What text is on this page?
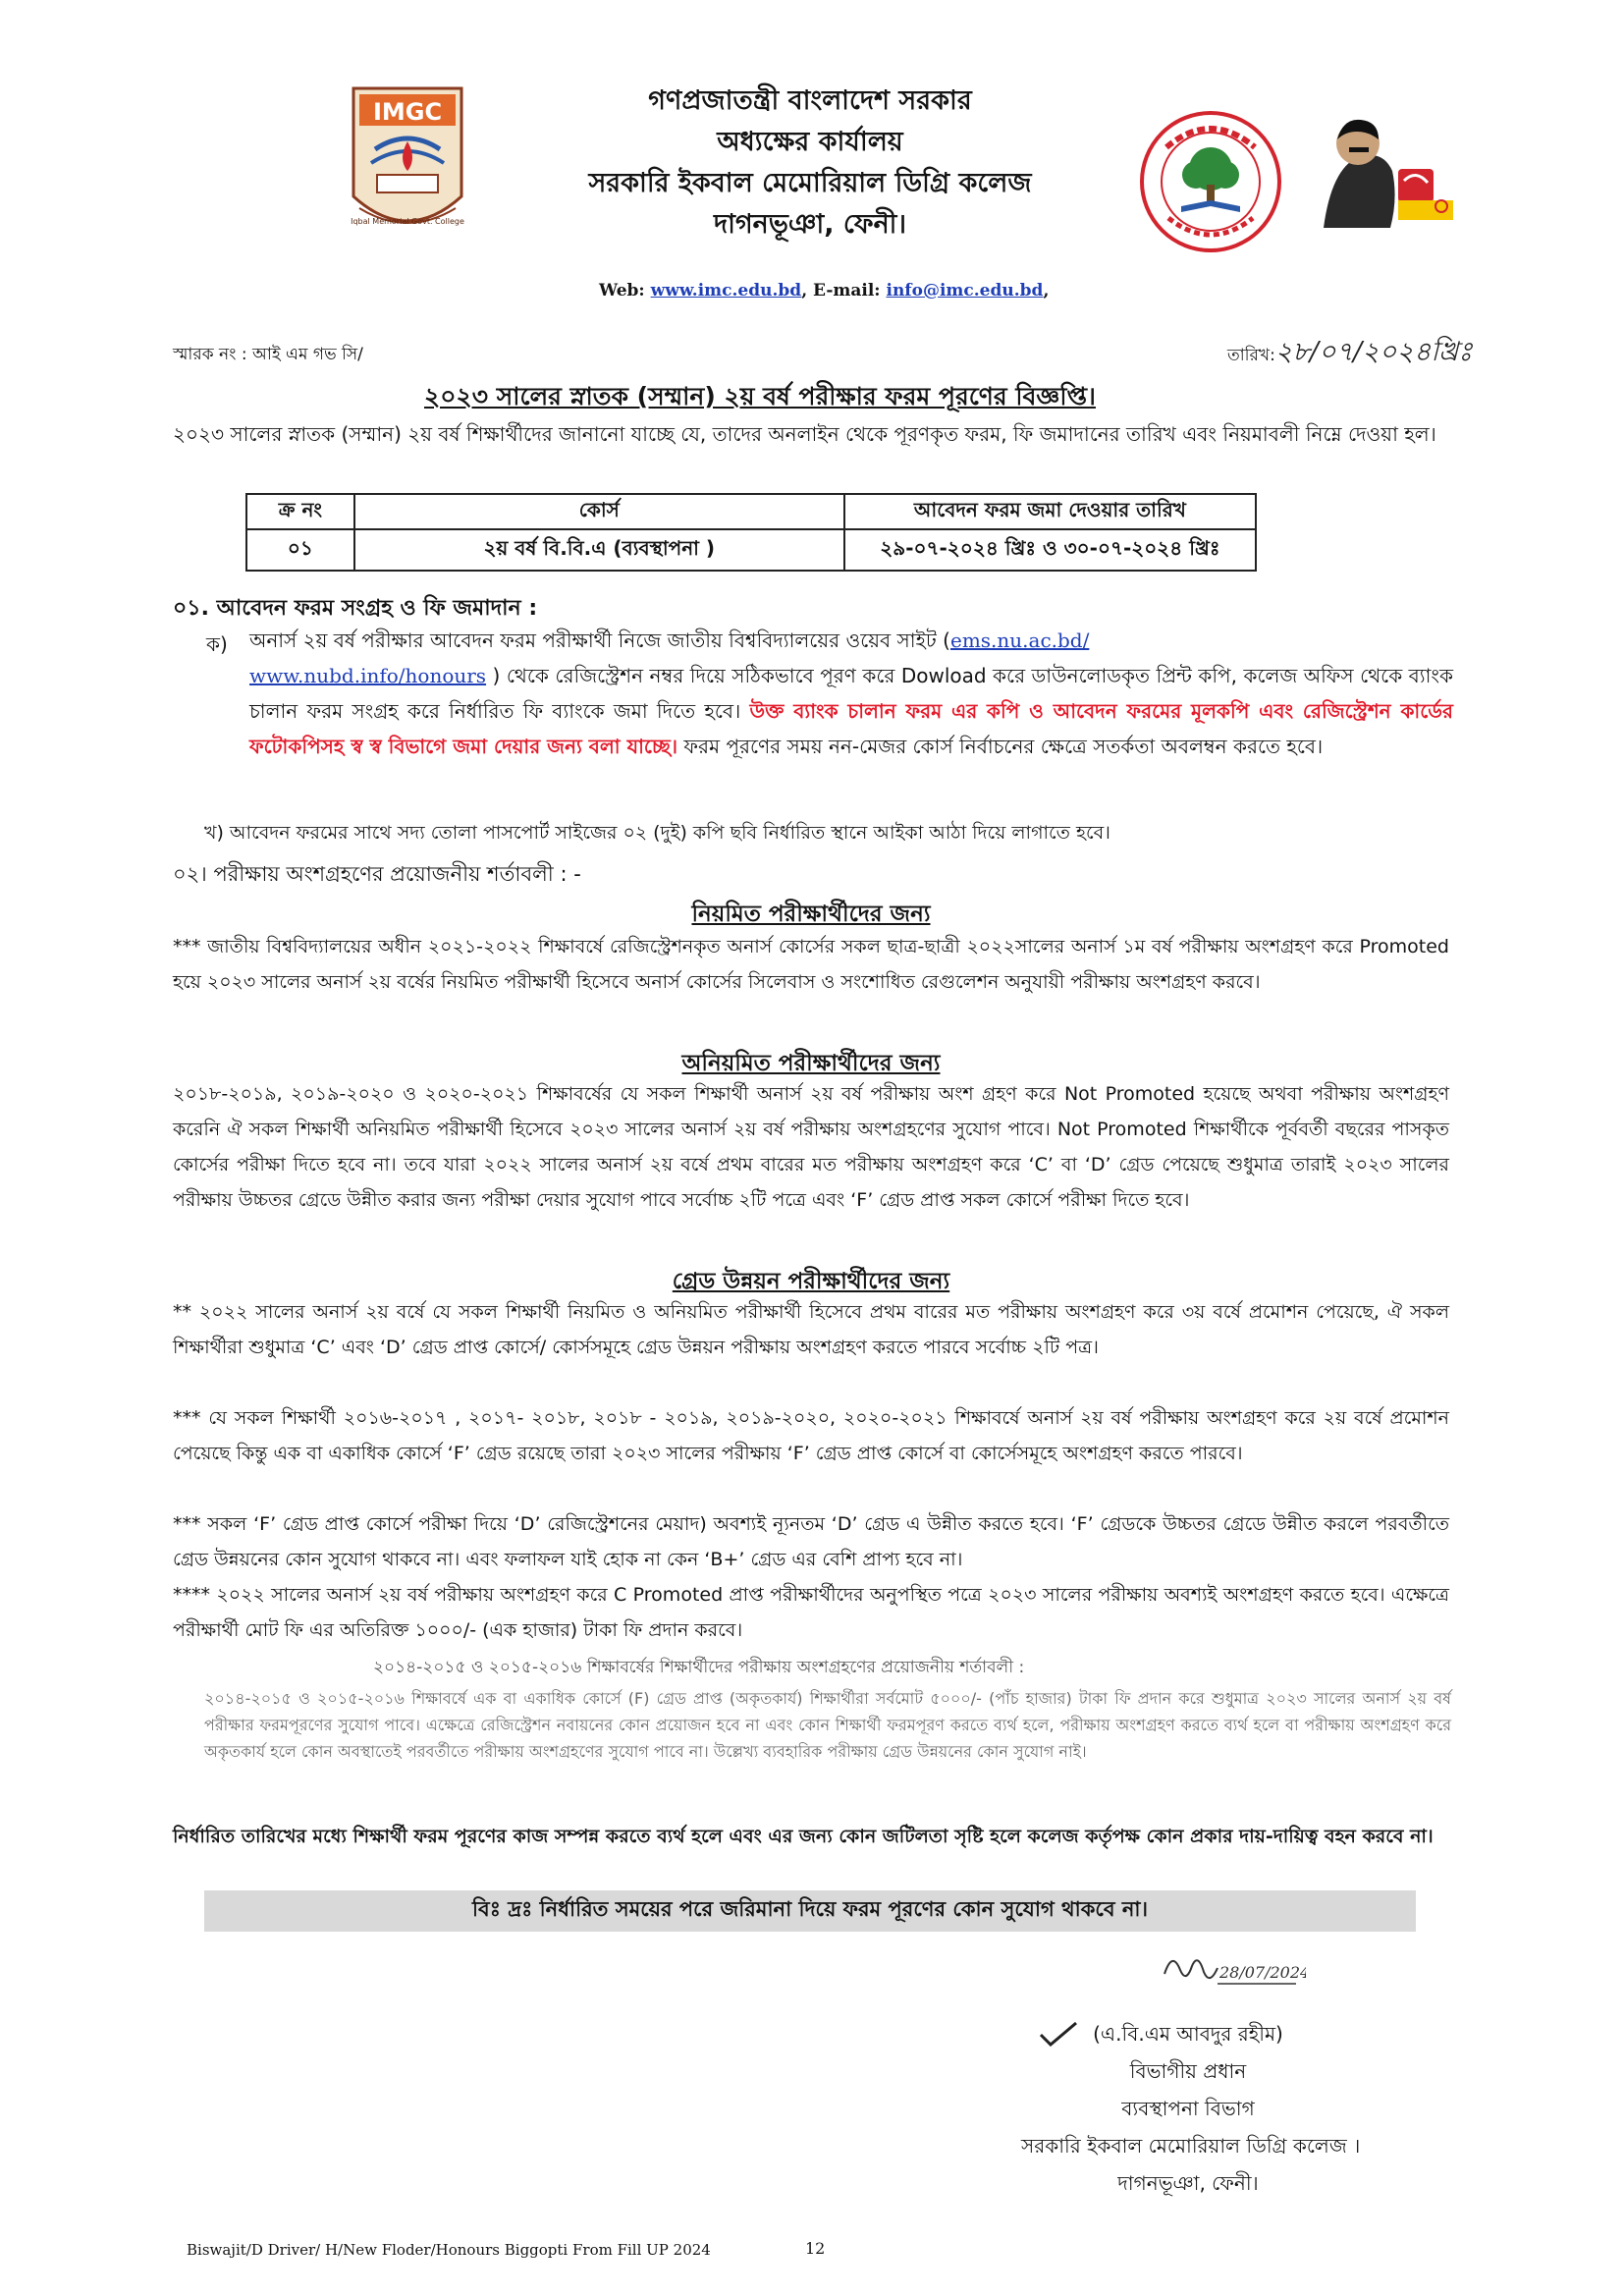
IMGC
Iqbal Memorial Govt. College
গণপ্রজাতন্ত্রী বাংলাদেশ সরকার
অধ্যক্ষের কার্যালয়
সরকারি ইকবাল মেমোরিয়াল ডিগ্রি কলেজ
দাগনভূঞা, ফেনী।
Web: www.imc.edu.bd, E-mail: info@imc.edu.bd,
স্মারক নং : আই এম গভ সি/	তারিখ:২৮/০৭/২০২৪খ্রিঃ
২০২৩ সালের স্নাতক (সম্মান) ২য় বর্ষ পরীক্ষার ফরম পূরণের বিজ্ঞপ্তি।
২০২৩ সালের স্নাতক (সম্মান) ২য় বর্ষ শিক্ষার্থীদের জানানো যাচ্ছে যে, তাদের অনলাইন থেকে পূরণকৃত ফরম, ফি জমাদানের তারিখ এবং নিয়মাবলী নিম্নে দেওয়া হল।
ক্র নং	কোর্স	আবেদন ফরম জমা দেওয়ার তারিখ
০১	২য় বর্ষ বি.বি.এ (ব্যবস্থাপনা )	২৯-০৭-২০২৪ খ্রিঃ ও ৩০-০৭-২০২৪ খ্রিঃ
০১. আবেদন ফরম সংগ্রহ ও ফি জমাদান :
ক) অনার্স ২য় বর্ষ পরীক্ষার আবেদন ফরম পরীক্ষার্থী নিজে জাতীয় বিশ্ববিদ্যালয়ের ওয়েব সাইট (ems.nu.ac.bd/
www.nubd.info/honours ) থেকে রেজিস্ট্রেশন নম্বর দিয়ে সঠিকভাবে পূরণ করে Dowload করে ডাউনলোডকৃত প্রিন্ট কপি, কলেজ অফিস থেকে ব্যাংক চালান ফরম সংগ্রহ করে নির্ধারিত ফি ব্যাংকে জমা দিতে হবে। উক্ত ব্যাংক চালান ফরম এর কপি ও আবেদন ফরমের মূলকপি এবং রেজিস্ট্রেশন কার্ডের ফটোকপিসহ স্ব স্ব বিভাগে জমা দেয়ার জন্য বলা যাচ্ছে। ফরম পূরণের সময় নন-মেজর কোর্স নির্বাচনের ক্ষেত্রে সতর্কতা অবলম্বন করতে হবে।
খ) আবেদন ফরমের সাথে সদ্য তোলা পাসপোর্ট সাইজের ০২ (দুই) কপি ছবি নির্ধারিত স্থানে আইকা আঠা দিয়ে লাগাতে হবে।
০২। পরীক্ষায় অংশগ্রহণের প্রয়োজনীয় শর্তাবলী : -
নিয়মিত পরীক্ষার্থীদের জন্য
*** জাতীয় বিশ্ববিদ্যালয়ের অধীন ২০২১-২০২২ শিক্ষাবর্ষে রেজিস্ট্রেশনকৃত অনার্স কোর্সের সকল ছাত্র-ছাত্রী ২০২২সালের অনার্স ১ম বর্ষ পরীক্ষায় অংশগ্রহণ করে Promoted হয়ে ২০২৩ সালের অনার্স ২য় বর্ষের নিয়মিত পরীক্ষার্থী হিসেবে অনার্স কোর্সের সিলেবাস ও সংশোধিত রেগুলেশন অনুযায়ী পরীক্ষায় অংশগ্রহণ করবে।
অনিয়মিত পরীক্ষার্থীদের জন্য
২০১৮-২০১৯, ২০১৯-২০২০ ও ২০২০-২০২১ শিক্ষাবর্ষের যে সকল শিক্ষার্থী অনার্স ২য় বর্ষ পরীক্ষায় অংশ গ্রহণ করে Not Promoted হয়েছে অথবা পরীক্ষায় অংশগ্রহণ করেনি ঐ সকল শিক্ষার্থী অনিয়মিত পরীক্ষার্থী হিসেবে ২০২৩ সালের অনার্স ২য় বর্ষ পরীক্ষায় অংশগ্রহণের সুযোগ পাবে। Not Promoted শিক্ষার্থীকে পূর্ববর্তী বছরের পাসকৃত কোর্সের পরীক্ষা দিতে হবে না। তবে যারা ২০২২ সালের অনার্স ২য় বর্ষে প্রথম বারের মত পরীক্ষায় অংশগ্রহণ করে ‘C’ বা ‘D’ গ্রেড পেয়েছে শুধুমাত্র তারাই ২০২৩ সালের পরীক্ষায় উচ্চতর গ্রেডে উন্নীত করার জন্য পরীক্ষা দেয়ার সুযোগ পাবে সর্বোচ্চ ২টি পত্রে এবং ‘F’ গ্রেড প্রাপ্ত সকল কোর্সে পরীক্ষা দিতে হবে।
গ্রেড উন্নয়ন পরীক্ষার্থীদের জন্য
** ২০২২ সালের অনার্স ২য় বর্ষে যে সকল শিক্ষার্থী নিয়মিত ও অনিয়মিত পরীক্ষার্থী হিসেবে প্রথম বারের মত পরীক্ষায় অংশগ্রহণ করে ৩য় বর্ষে প্রমোশন পেয়েছে, ঐ সকল শিক্ষার্থীরা শুধুমাত্র ‘C’ এবং ‘D’ গ্রেড প্রাপ্ত কোর্সে/ কোর্সসমূহে গ্রেড উন্নয়ন পরীক্ষায় অংশগ্রহণ করতে পারবে সর্বোচ্চ ২টি পত্র।
*** যে সকল শিক্ষার্থী ২০১৬-২০১৭ , ২০১৭- ২০১৮, ২০১৮ - ২০১৯, ২০১৯-২০২০, ২০২০-২০২১ শিক্ষাবর্ষে অনার্স ২য় বর্ষ পরীক্ষায় অংশগ্রহণ করে ২য় বর্ষে প্রমোশন পেয়েছে কিন্তু এক বা একাধিক কোর্সে ‘F’ গ্রেড রয়েছে তারা ২০২৩ সালের পরীক্ষায় ‘F’ গ্রেড প্রাপ্ত কোর্সে বা কোর্সেসমূহে অংশগ্রহণ করতে পারবে।
*** সকল ‘F’ গ্রেড প্রাপ্ত কোর্সে পরীক্ষা দিয়ে ‘D’ রেজিস্ট্রেশনের মেয়াদ) অবশ্যই ন্যূনতম ‘D’ গ্রেড এ উন্নীত করতে হবে। ‘F’ গ্রেডকে উচ্চতর গ্রেডে উন্নীত করলে পরবর্তীতে গ্রেড উন্নয়নের কোন সুযোগ থাকবে না। এবং ফলাফল যাই হোক না কেন ‘B+’ গ্রেড এর বেশি প্রাপ্য হবে না।
**** ২০২২ সালের অনার্স ২য় বর্ষ পরীক্ষায় অংশগ্রহণ করে C Promoted প্রাপ্ত পরীক্ষার্থীদের অনুপস্থিত পত্রে ২০২৩ সালের পরীক্ষায় অবশ্যই অংশগ্রহণ করতে হবে। এক্ষেত্রে পরীক্ষার্থী মোট ফি এর অতিরিক্ত ১০০০/- (এক হাজার) টাকা ফি প্রদান করবে।
২০১৪-২০১৫ ও ২০১৫-২০১৬ শিক্ষাবর্ষের শিক্ষার্থীদের পরীক্ষায় অংশগ্রহণের প্রয়োজনীয় শর্তাবলী :
২০১৪-২০১৫ ও ২০১৫-২০১৬ শিক্ষাবর্ষে এক বা একাধিক কোর্সে (F) গ্রেড প্রাপ্ত (অকৃতকার্য) শিক্ষার্থীরা সর্বমোট ৫০০০/- (পাঁচ হাজার) টাকা ফি প্রদান করে শুধুমাত্র ২০২৩ সালের অনার্স ২য় বর্ষ পরীক্ষার ফরমপূরণের সুযোগ পাবে। এক্ষেত্রে রেজিস্ট্রেশন নবায়নের কোন প্রয়োজন হবে না এবং কোন শিক্ষার্থী ফরমপূরণ করতে ব্যর্থ হলে, পরীক্ষায় অংশগ্রহণ করতে ব্যর্থ হলে বা পরীক্ষায় অংশগ্রহণ করে অকৃতকার্য হলে কোন অবস্থাতেই পরবর্তীতে পরীক্ষায় অংশগ্রহণের সুযোগ পাবে না। উল্লেখ্য ব্যবহারিক পরীক্ষায় গ্রেড উন্নয়নের কোন সুযোগ নাই।
নির্ধারিত তারিখের মধ্যে শিক্ষার্থী ফরম পূরণের কাজ সম্পন্ন করতে ব্যর্থ হলে এবং এর জন্য কোন জটিলতা সৃষ্টি হলে কলেজ কর্তৃপক্ষ কোন প্রকার দায়-দায়িত্ব বহন করবে না।
বিঃ দ্রঃ নির্ধারিত সময়ের পরে জরিমানা দিয়ে ফরম পূরণের কোন সুযোগ থাকবে না।
28/07/2024
(এ.বি.এম আবদুর রহীম)
বিভাগীয় প্রধান
ব্যবস্থাপনা বিভাগ
সরকারি ইকবাল মেমোরিয়াল ডিগ্রি কলেজ ।
দাগনভূঞা, ফেনী।
Biswajit/D Driver/ H/New Floder/Honours Biggopti From Fill UP 2024	12
